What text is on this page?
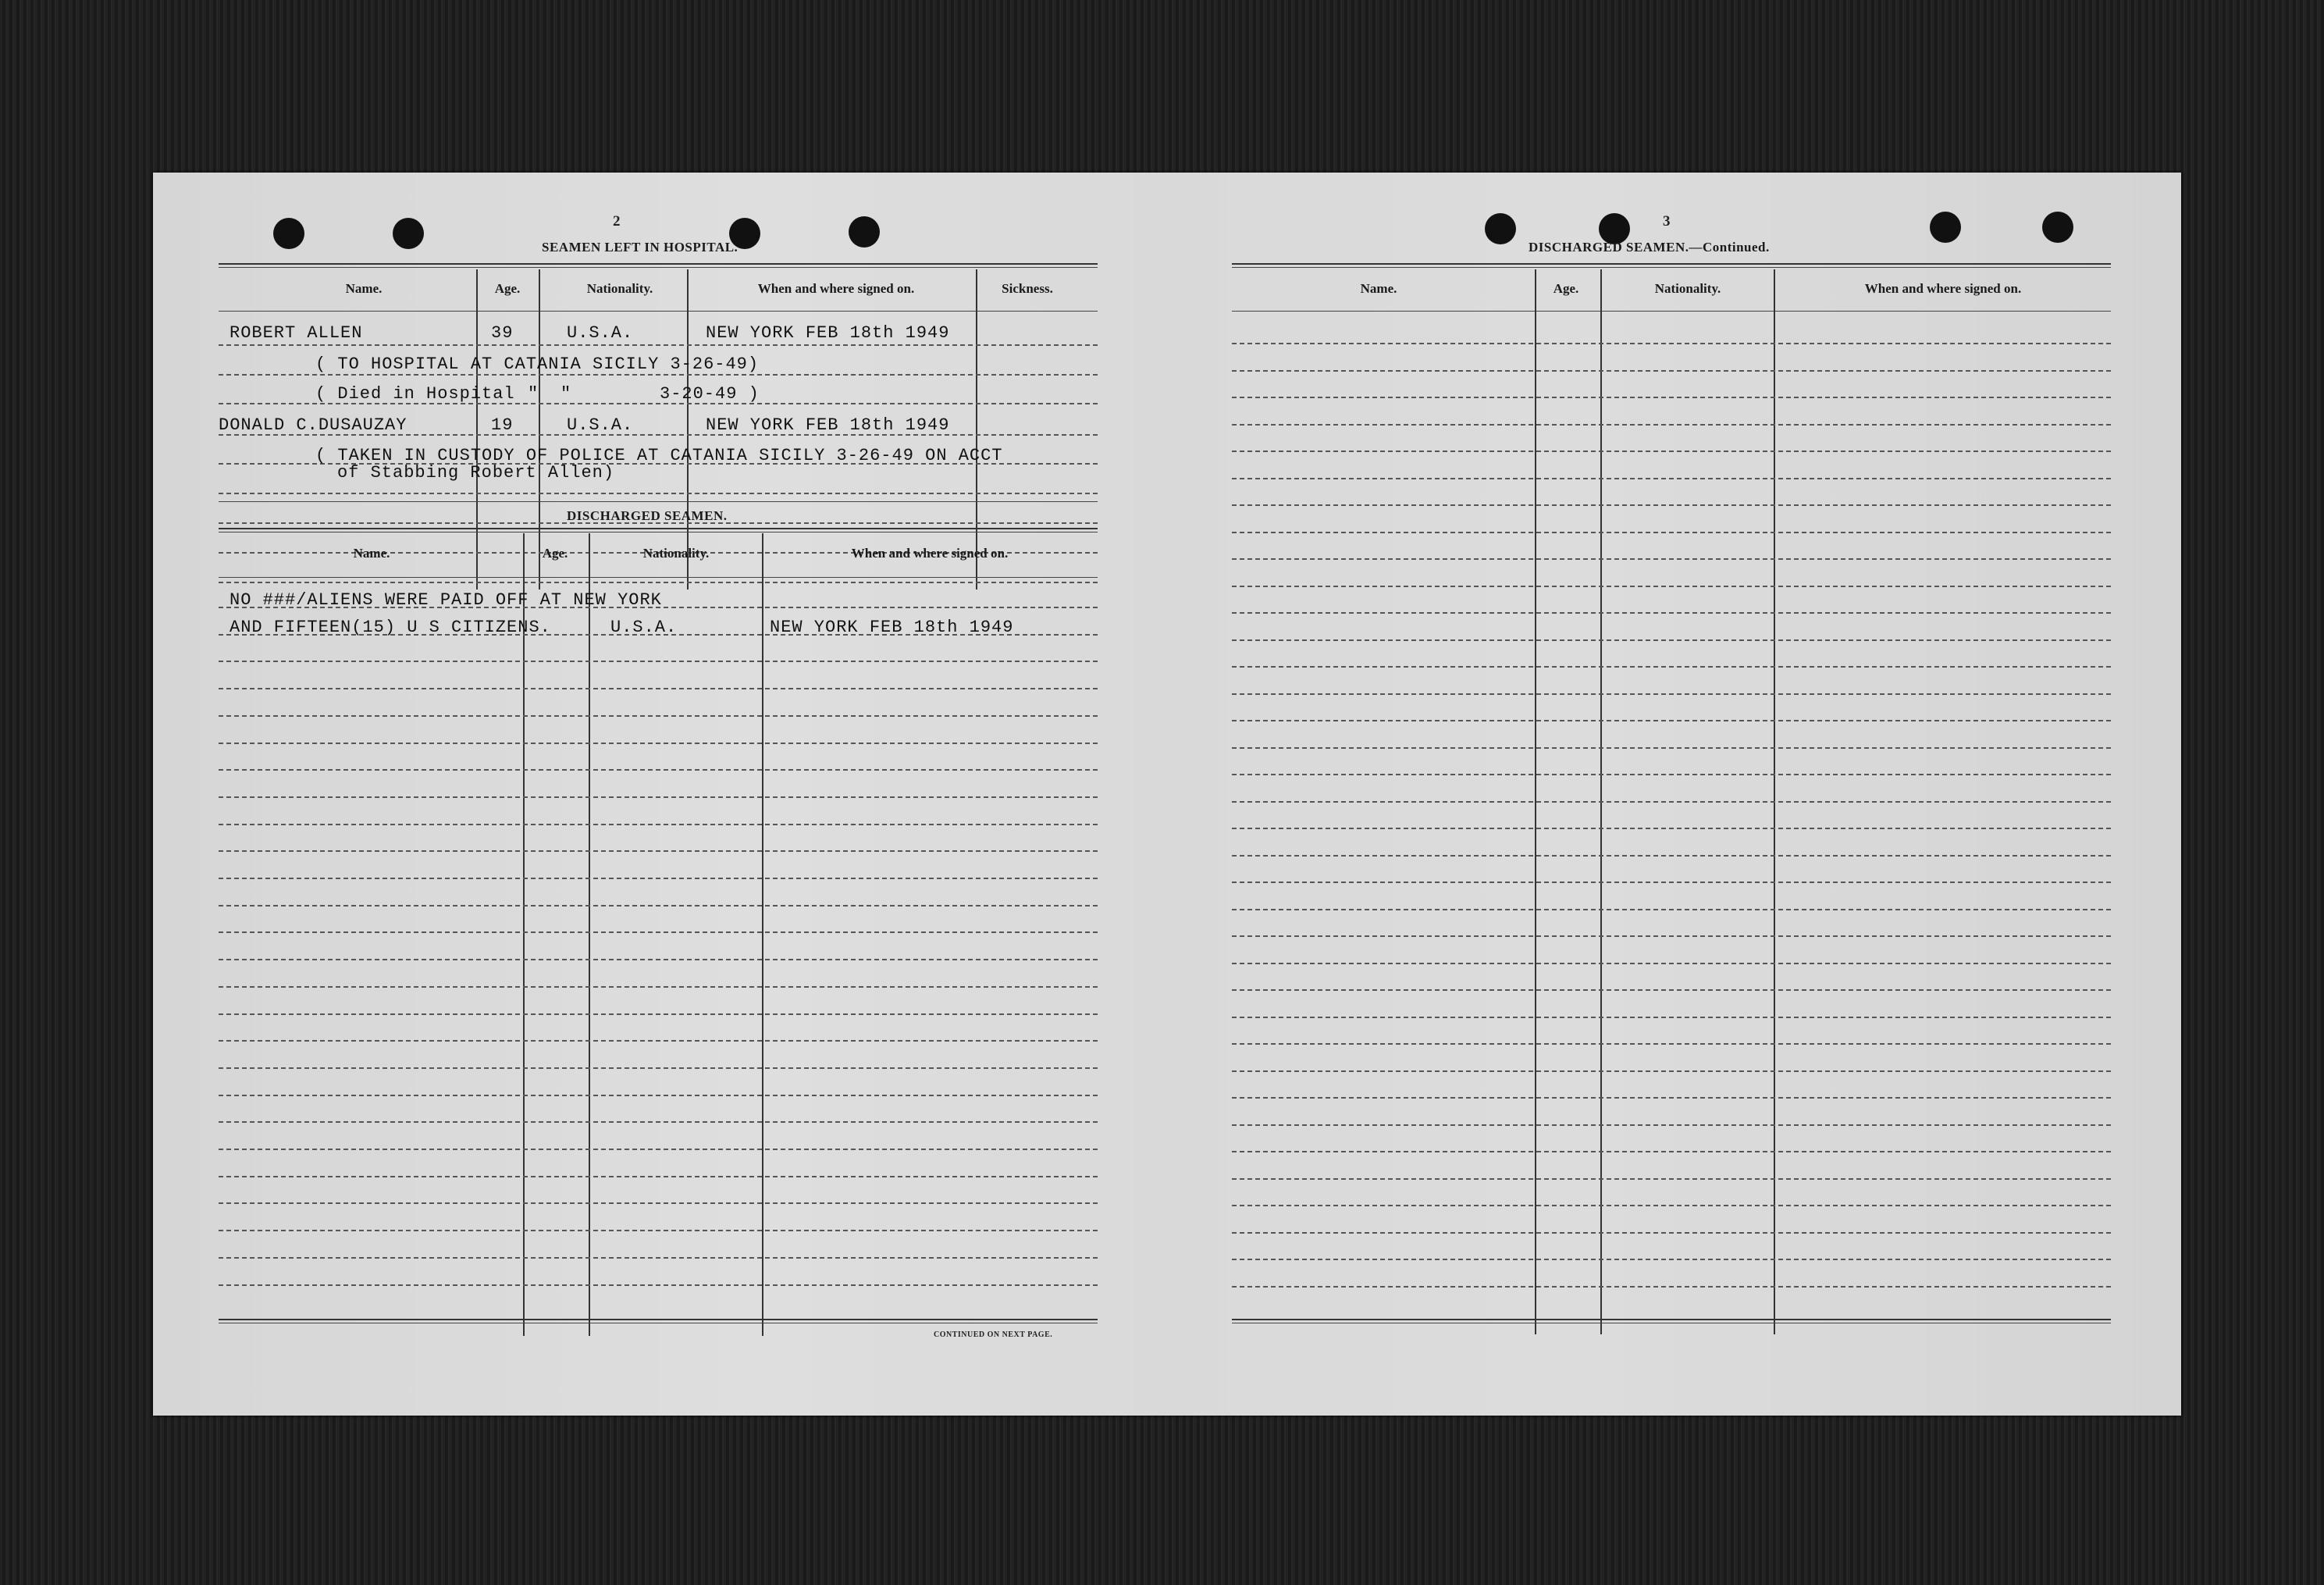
2
SEAMEN LEFT IN HOSPITAL.
Name.	Age.	Nationality.	When and where signed on.	Sickness.
ROBERT ALLEN	39	U.S.A.	NEW YORK FEB 18th 1949
( TO HOSPITAL AT CATANIA SICILY 3-26-49)
( Died in Hospital " "	3-20-49 )
DONALD C.DUSAUZAY	19	U.S.A.	NEW YORK FEB 18th 1949
( TAKEN IN CUSTODY OF POLICE AT CATANIA SICILY 3-26-49 ON ACCT
of Stabbing Robert Allen)
DISCHARGED SEAMEN.
Name.	Age.	Nationality.	When and where signed on.
NO ###/ALIENS WERE PAID OFF AT NEW YORK
AND FIFTEEN(15) U S CITIZENS.	U.S.A.	NEW YORK FEB 18th 1949
CONTINUED ON NEXT PAGE.
3
DISCHARGED SEAMEN.—Continued.
Name.	Age.	Nationality.	When and where signed on.
